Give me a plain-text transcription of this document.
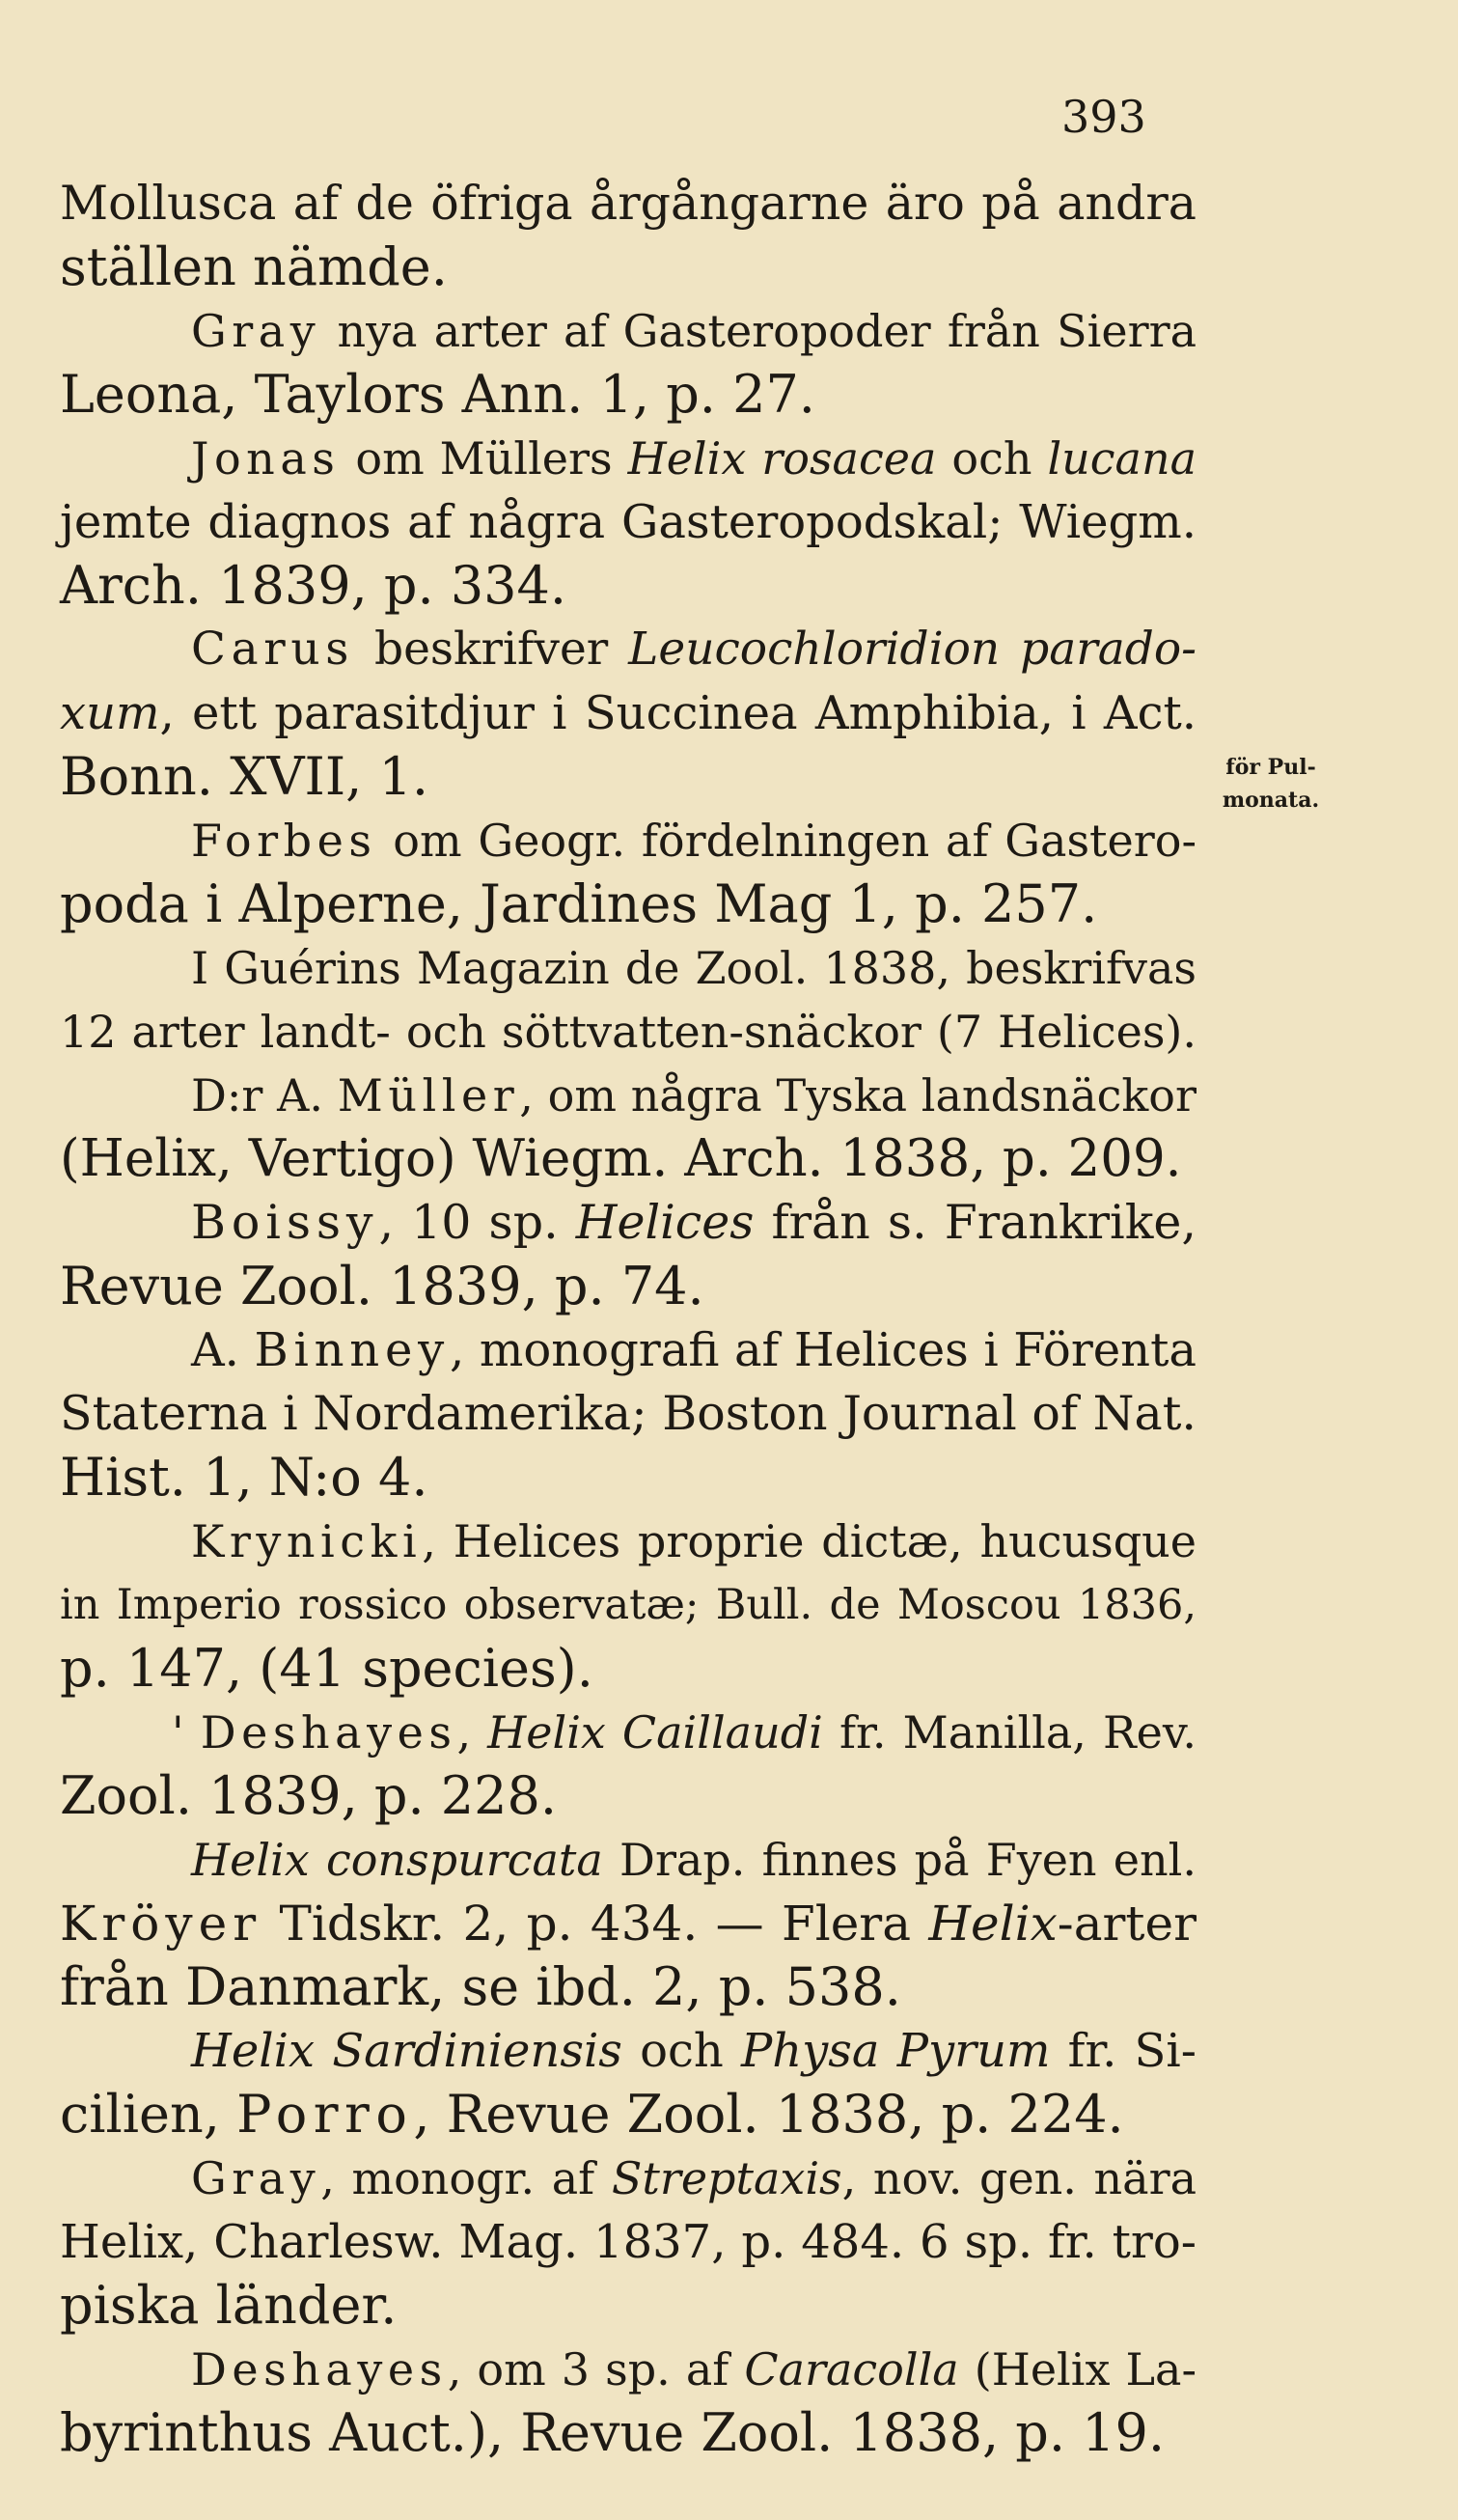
393
Mollusca af de öfriga årgångarne äro på andra
ställen nämde.
Gray nya arter af Gasteropoder från Sierra
Leona, Taylors Ann. 1, p. 27.
Jonas om Müllers Helix rosacea och lucana
jemte diagnos af några Gasteropodskal; Wiegm.
Arch. 1839, p. 334.
Carus beskrifver Leucochloridion parado-
xum, ett parasitdjur i Succinea Amphibia, i Act.
Bonn. XVII, 1.
Forbes om Geogr. fördelningen af Gastero-
poda i Alperne, Jardines Mag 1, p. 257.
I Guérins Magazin de Zool. 1838, beskrifvas
12 arter landt- och söttvatten-snäckor (7 Helices).
D:r A. Müller, om några Tyska landsnäckor
(Helix, Vertigo) Wiegm. Arch. 1838, p. 209.
Boissy, 10 sp. Helices från s. Frankrike,
Revue Zool. 1839, p. 74.
A. Binney, monografi af Helices i Förenta
Staterna i Nordamerika; Boston Journal of Nat.
Hist. 1, N:o 4.
Krynicki, Helices proprie dictæ, hucusque
in Imperio rossico observatæ; Bull. de Moscou 1836,
p. 147, (41 species).
' Deshayes, Helix Caillaudi fr. Manilla, Rev.
Zool. 1839, p. 228.
Helix conspurcata Drap. finnes på Fyen enl.
Kröyer Tidskr. 2, p. 434. — Flera Helix-arter
från Danmark, se ibd. 2, p. 538.
Helix Sardiniensis och Physa Pyrum fr. Si-
cilien, Porro, Revue Zool. 1838, p. 224.
Gray, monogr. af Streptaxis, nov. gen. nära
Helix, Charlesw. Mag. 1837, p. 484. 6 sp. fr. tro-
piska länder.
Deshayes, om 3 sp. af Caracolla (Helix La-
byrinthus Auct.), Revue Zool. 1838, p. 19.
för Pul-
monata.
